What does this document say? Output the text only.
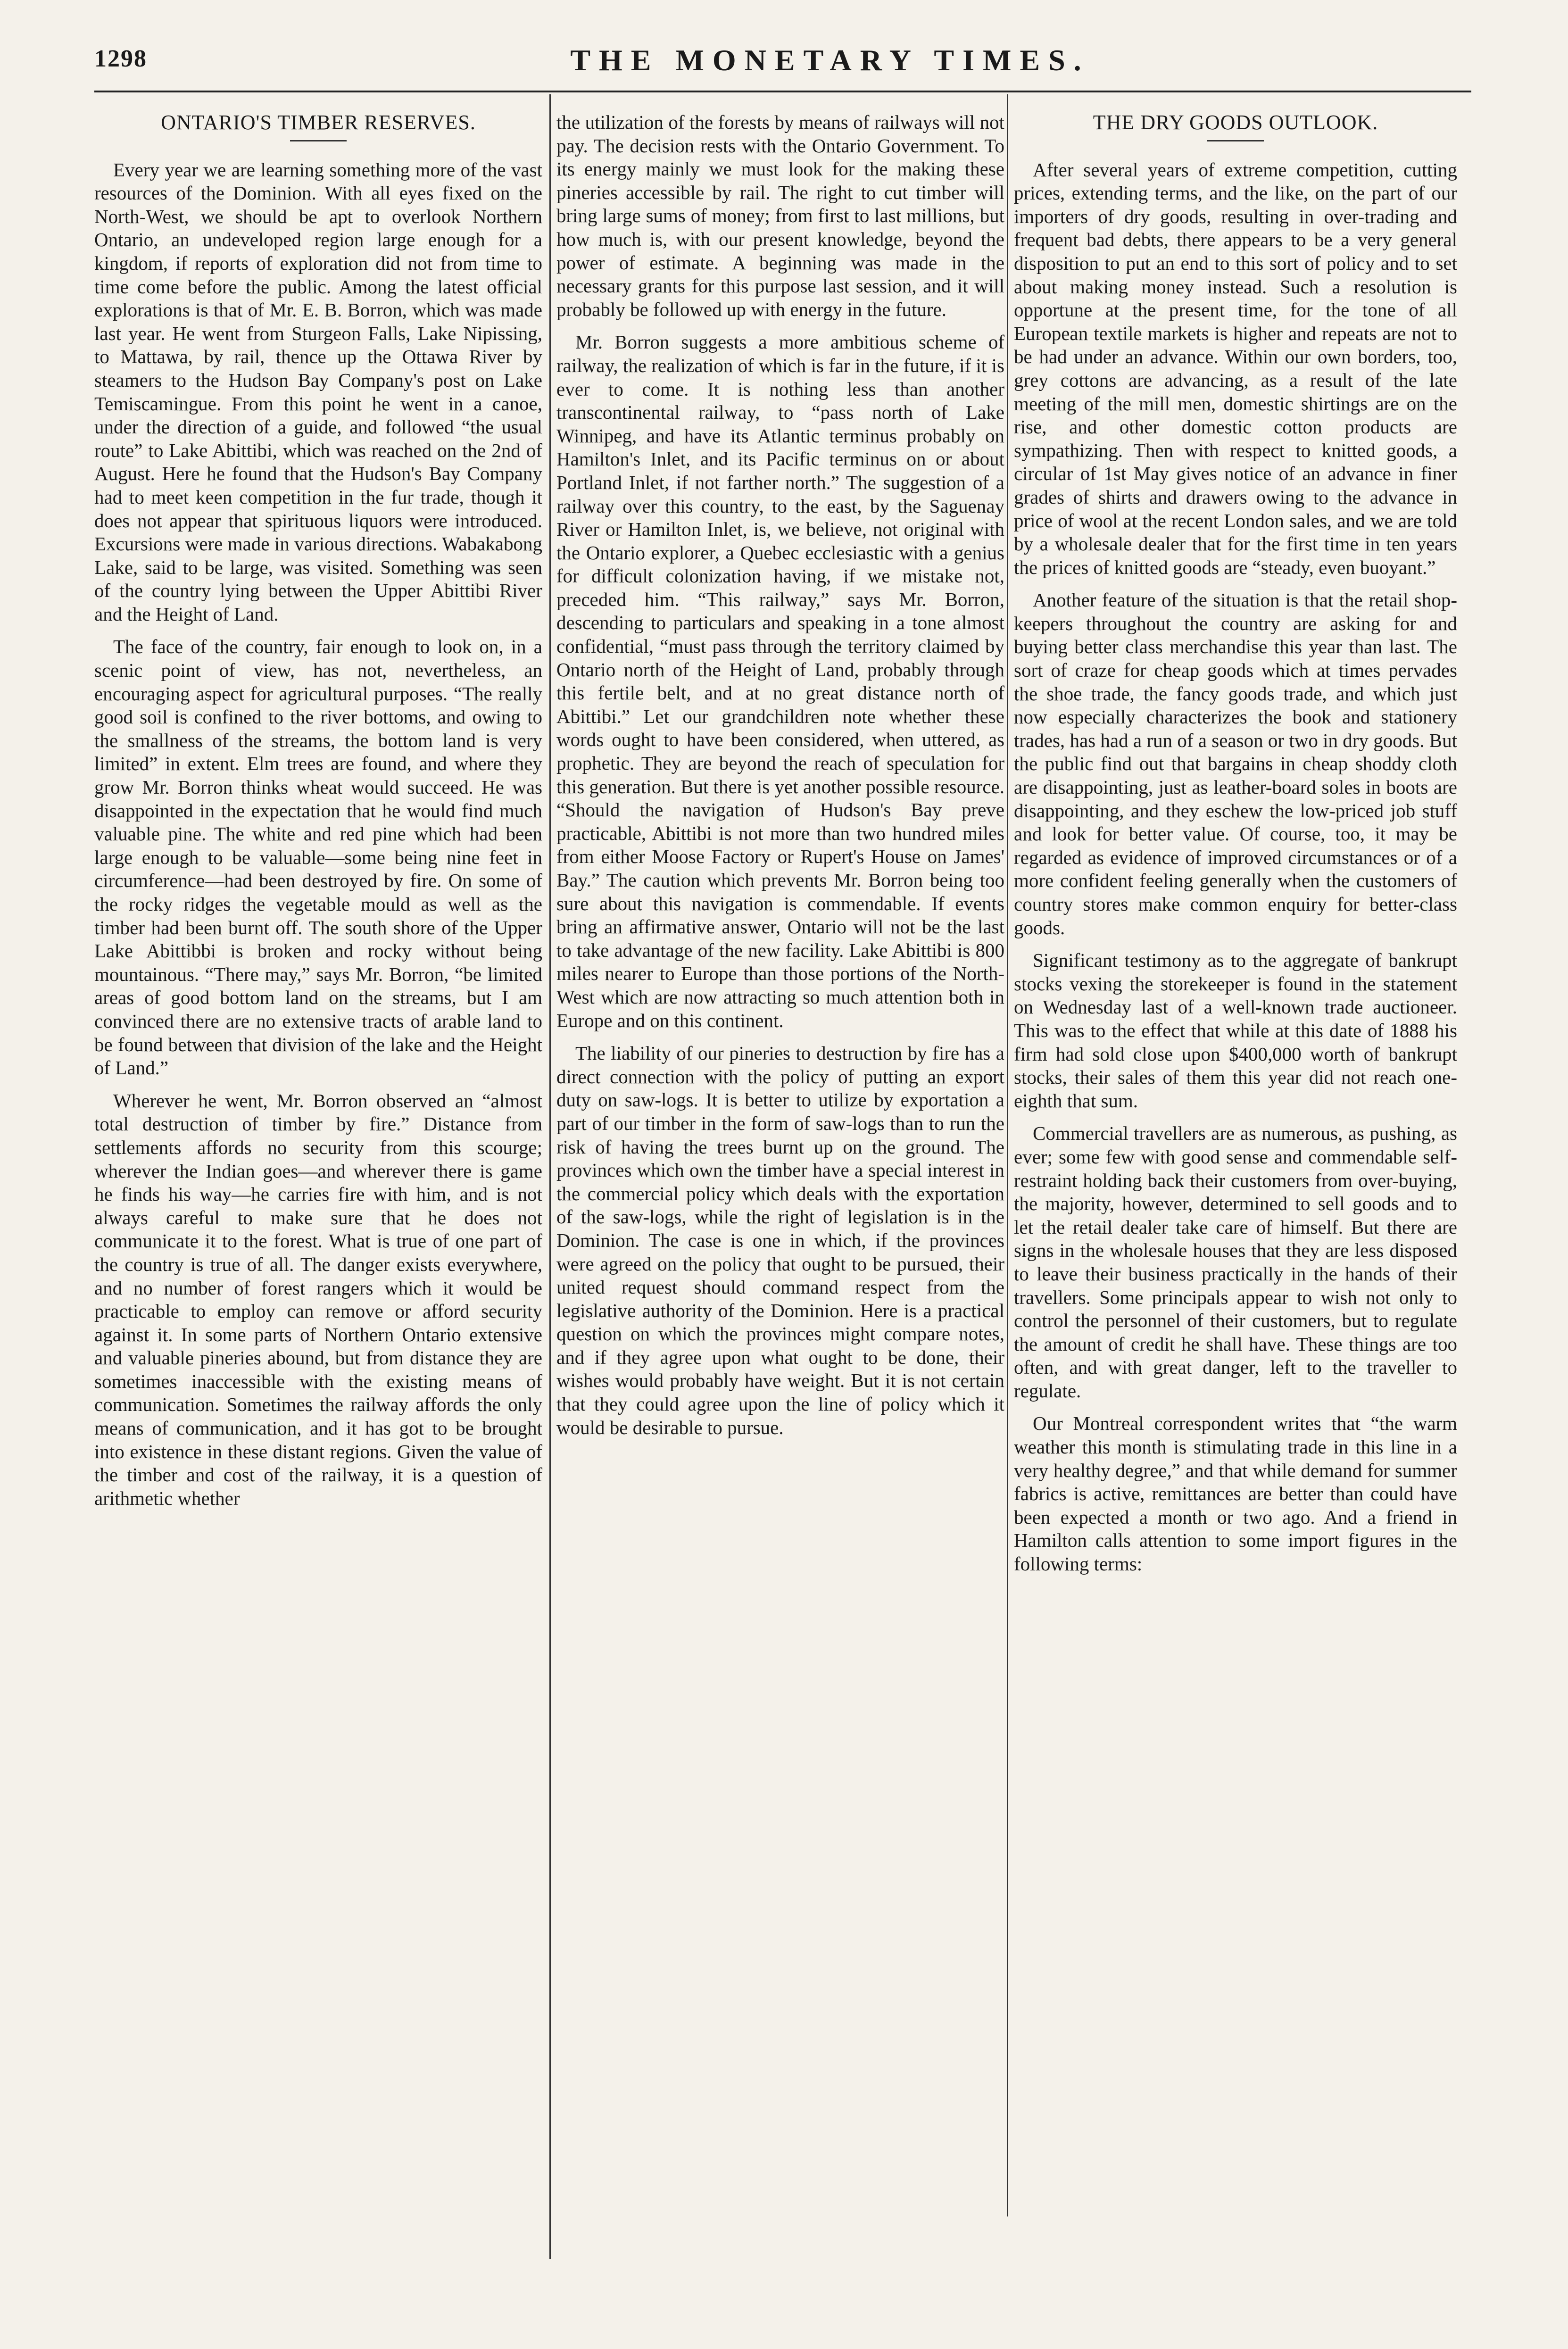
1298	THE MONETARY TIMES.
ONTARIO'S TIMBER RESERVES.

Every year we are learning something more of the vast resources of the Dominion. With all eyes fixed on the North-West, we should be apt to overlook Northern Ontario, an undeveloped region large enough for a kingdom, if reports of exploration did not from time to time come before the public. Among the latest official explorations is that of Mr. E. B. Borron, which was made last year. He went from Sturgeon Falls, Lake Nipissing, to Mattawa, by rail, thence up the Ottawa River by steamers to the Hudson Bay Company's post on Lake Temiscamingue. From this point he went in a canoe, under the direction of a guide, and followed “the usual route” to Lake Abittibi, which was reached on the 2nd of August. Here he found that the Hudson's Bay Company had to meet keen competition in the fur trade, though it does not appear that spirituous liquors were introduced. Excursions were made in various directions. Wabakabong Lake, said to be large, was visited. Something was seen of the country lying between the Upper Abittibi River and the Height of Land.

The face of the country, fair enough to look on, in a scenic point of view, has not, nevertheless, an encouraging aspect for agricultural purposes. “The really good soil is confined to the river bottoms, and owing to the smallness of the streams, the bottom land is very limited” in extent. Elm trees are found, and where they grow Mr. Borron thinks wheat would succeed. He was disappointed in the expectation that he would find much valuable pine. The white and red pine which had been large enough to be valuable—some being nine feet in circumference—had been destroyed by fire. On some of the rocky ridges the vegetable mould as well as the timber had been burnt off. The south shore of the Upper Lake Abittibbi is broken and rocky without being mountainous. “There may,” says Mr. Borron, “be limited areas of good bottom land on the streams, but I am convinced there are no extensive tracts of arable land to be found between that division of the lake and the Height of Land.”

Wherever he went, Mr. Borron observed an “almost total destruction of timber by fire.” Distance from settlements affords no security from this scourge; wherever the Indian goes—and wherever there is game he finds his way—he carries fire with him, and is not always careful to make sure that he does not communicate it to the forest. What is true of one part of the country is true of all. The danger exists everywhere, and no number of forest rangers which it would be practicable to employ can remove or afford security against it. In some parts of Northern Ontario extensive and valuable pineries abound, but from distance they are sometimes inaccessible with the existing means of communication. Sometimes the railway affords the only means of communication, and it has got to be brought into existence in these distant regions. Given the value of the timber and cost of the railway, it is a question of arithmetic whether

the utilization of the forests by means of railways will not pay. The decision rests with the Ontario Government. To its energy mainly we must look for the making these pineries accessible by rail. The right to cut timber will bring large sums of money; from first to last millions, but how much is, with our present knowledge, beyond the power of estimate. A beginning was made in the necessary grants for this purpose last session, and it will probably be followed up with energy in the future.

Mr. Borron suggests a more ambitious scheme of railway, the realization of which is far in the future, if it is ever to come. It is nothing less than another transcontinental railway, to “pass north of Lake Winnipeg, and have its Atlantic terminus probably on Hamilton's Inlet, and its Pacific terminus on or about Portland Inlet, if not farther north.” The suggestion of a railway over this country, to the east, by the Saguenay River or Hamilton Inlet, is, we believe, not original with the Ontario explorer, a Quebec ecclesiastic with a genius for difficult colonization having, if we mistake not, preceded him. “This railway,” says Mr. Borron, descending to particulars and speaking in a tone almost confidential, “must pass through the territory claimed by Ontario north of the Height of Land, probably through this fertile belt, and at no great distance north of Abittibi.” Let our grandchildren note whether these words ought to have been considered, when uttered, as prophetic. They are beyond the reach of speculation for this generation. But there is yet another possible resource. “Should the navigation of Hudson's Bay preve practicable, Abittibi is not more than two hundred miles from either Moose Factory or Rupert's House on James' Bay.” The caution which prevents Mr. Borron being too sure about this navigation is commendable. If events bring an affirmative answer, Ontario will not be the last to take advantage of the new facility. Lake Abittibi is 800 miles nearer to Europe than those portions of the North-West which are now attracting so much attention both in Europe and on this continent.

The liability of our pineries to destruction by fire has a direct connection with the policy of putting an export duty on saw-logs. It is better to utilize by exportation a part of our timber in the form of saw-logs than to run the risk of having the trees burnt up on the ground. The provinces which own the timber have a special interest in the commercial policy which deals with the exportation of the saw-logs, while the right of legislation is in the Dominion. The case is one in which, if the provinces were agreed on the policy that ought to be pursued, their united request should command respect from the legislative authority of the Dominion. Here is a practical question on which the provinces might compare notes, and if they agree upon what ought to be done, their wishes would probably have weight. But it is not certain that they could agree upon the line of policy which it would be desirable to pursue.

THE DRY GOODS OUTLOOK.

After several years of extreme competition, cutting prices, extending terms, and the like, on the part of our importers of dry goods, resulting in over-trading and frequent bad debts, there appears to be a very general disposition to put an end to this sort of policy and to set about making money instead. Such a resolution is opportune at the present time, for the tone of all European textile markets is higher and repeats are not to be had under an advance. Within our own borders, too, grey cottons are advancing, as a result of the late meeting of the mill men, domestic shirtings are on the rise, and other domestic cotton products are sympathizing. Then with respect to knitted goods, a circular of 1st May gives notice of an advance in finer grades of shirts and drawers owing to the advance in price of wool at the recent London sales, and we are told by a wholesale dealer that for the first time in ten years the prices of knitted goods are “steady, even buoyant.”

Another feature of the situation is that the retail shop-keepers throughout the country are asking for and buying better class merchandise this year than last. The sort of craze for cheap goods which at times pervades the shoe trade, the fancy goods trade, and which just now especially characterizes the book and stationery trades, has had a run of a season or two in dry goods. But the public find out that bargains in cheap shoddy cloth are disappointing, just as leather-board soles in boots are disappointing, and they eschew the low-priced job stuff and look for better value. Of course, too, it may be regarded as evidence of improved circumstances or of a more confident feeling generally when the customers of country stores make common enquiry for better-class goods.

Significant testimony as to the aggregate of bankrupt stocks vexing the storekeeper is found in the statement on Wednesday last of a well-known trade auctioneer. This was to the effect that while at this date of 1888 his firm had sold close upon $400,000 worth of bankrupt stocks, their sales of them this year did not reach one-eighth that sum.

Commercial travellers are as numerous, as pushing, as ever; some few with good sense and commendable self-restraint holding back their customers from over-buying, the majority, however, determined to sell goods and to let the retail dealer take care of himself. But there are signs in the wholesale houses that they are less disposed to leave their business practically in the hands of their travellers. Some principals appear to wish not only to control the personnel of their customers, but to regulate the amount of credit he shall have. These things are too often, and with great danger, left to the traveller to regulate.

Our Montreal correspondent writes that “the warm weather this month is stimulating trade in this line in a very healthy degree,” and that while demand for summer fabrics is active, remittances are better than could have been expected a month or two ago. And a friend in Hamilton calls attention to some import figures in the following terms:
